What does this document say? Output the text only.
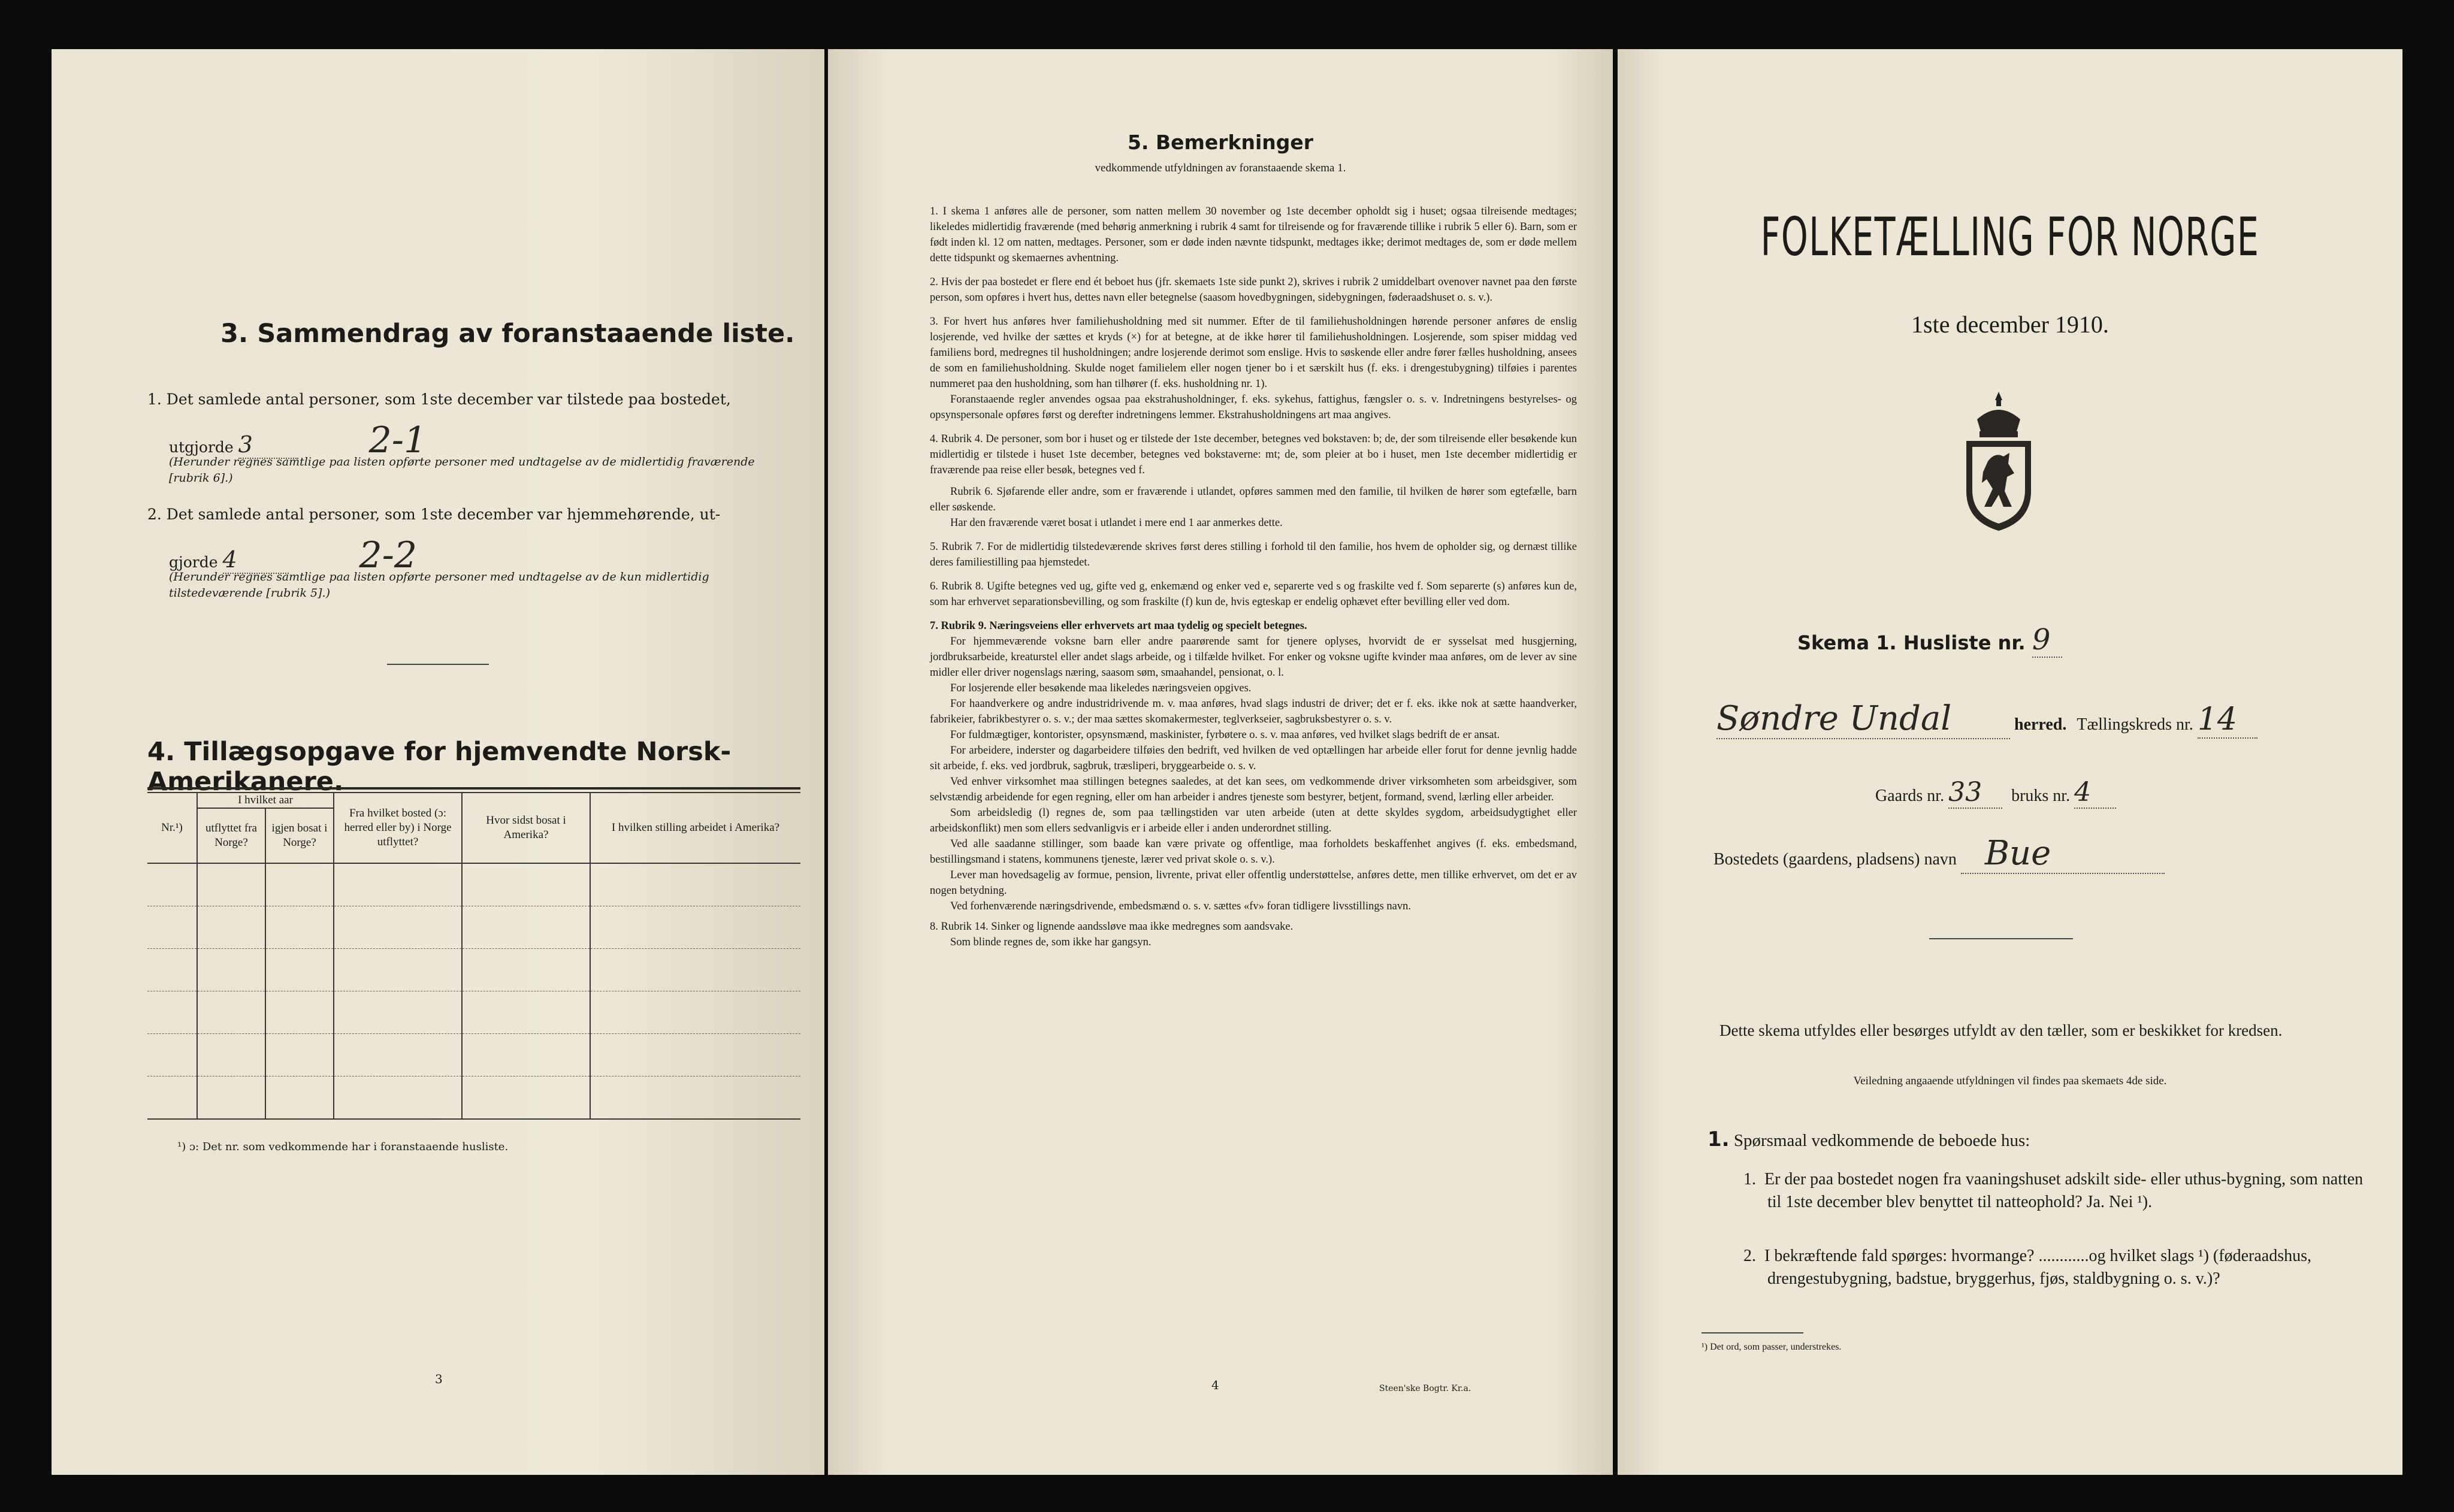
3. Sammendrag av foranstaaende liste.
1. Det samlede antal personer, som 1ste december var tilstede paa bostedet,
utgjorde 3	2-1
(Herunder regnes samtlige paa listen opførte personer med undtagelse av de midlertidig fraværende [rubrik 6].)
2. Det samlede antal personer, som 1ste december var hjemmehørende, ut-
gjorde 4	2-2
(Herunder regnes samtlige paa listen opførte personer med undtagelse av de kun midlertidig tilstedeværende [rubrik 5].)
4. Tillægsopgave for hjemvendte Norsk-Amerikanere.
Nr.¹)	I hvilket aar		Fra hvilket bosted (ɔ: herred eller by) i Norge utflyttet?	Hvor sidst bosat i Amerika?	I hvilken stilling arbeidet i Amerika?
	utflyttet fra Norge?	igjen bosat i Norge?			

¹) ɔ: Det nr. som vedkommende har i foranstaaende husliste.
3
5. Bemerkninger
vedkommende utfyldningen av foranstaaende skema 1.

1. I skema 1 anføres alle de personer, som natten mellem 30 november og 1ste december opholdt sig i huset; ogsaa tilreisende medtages; likeledes midlertidig fraværende (med behørig anmerkning i rubrik 4 samt for tilreisende og for fraværende tillike i rubrik 5 eller 6). Barn, som er født inden kl. 12 om natten, medtages. Personer, som er døde inden nævnte tidspunkt, medtages ikke; derimot medtages de, som er døde mellem dette tidspunkt og skemaernes avhentning.

2. Hvis der paa bostedet er flere end ét beboet hus (jfr. skemaets 1ste side punkt 2), skrives i rubrik 2 umiddelbart ovenover navnet paa den første person, som opføres i hvert hus, dettes navn eller betegnelse (saasom hovedbygningen, sidebygningen, føderaadshuset o. s. v.).

3. For hvert hus anføres hver familiehusholdning med sit nummer. Efter de til familiehusholdningen hørende personer anføres de enslig losjerende, ved hvilke der sættes et kryds (×) for at betegne, at de ikke hører til familiehusholdningen. Losjerende, som spiser middag ved familiens bord, medregnes til husholdningen; andre losjerende derimot som enslige. Hvis to søskende eller andre fører fælles husholdning, ansees de som en familiehusholdning. Skulde noget familielem eller nogen tjener bo i et særskilt hus (f. eks. i drengestubygning) tilføies i parentes nummeret paa den husholdning, som han tilhører (f. eks. husholdning nr. 1).

Foranstaaende regler anvendes ogsaa paa ekstrahusholdninger, f. eks. sykehus, fattighus, fængsler o. s. v. Indretningens bestyrelses- og opsynspersonale opføres først og derefter indretningens lemmer. Ekstrahusholdningens art maa angives.

4. Rubrik 4. De personer, som bor i huset og er tilstede der 1ste december, betegnes ved bokstaven: b; de, der som tilreisende eller besøkende kun midlertidig er tilstede i huset 1ste december, betegnes ved bokstaverne: mt; de, som pleier at bo i huset, men 1ste december midlertidig er fraværende paa reise eller besøk, betegnes ved f.

Rubrik 6. Sjøfarende eller andre, som er fraværende i utlandet, opføres sammen med den familie, til hvilken de hører som egtefælle, barn eller søskende.

Har den fraværende været bosat i utlandet i mere end 1 aar anmerkes dette.

5. Rubrik 7. For de midlertidig tilstedeværende skrives først deres stilling i forhold til den familie, hos hvem de opholder sig, og dernæst tillike deres familiestilling paa hjemstedet.

6. Rubrik 8. Ugifte betegnes ved ug, gifte ved g, enkemænd og enker ved e, separerte ved s og fraskilte ved f. Som separerte (s) anføres kun de, som har erhvervet separationsbevilling, og som fraskilte (f) kun de, hvis egteskap er endelig ophævet efter bevilling eller ved dom.

7. Rubrik 9. Næringsveiens eller erhvervets art maa tydelig og specielt betegnes.

For hjemmeværende voksne barn eller andre paarørende samt for tjenere oplyses, hvorvidt de er sysselsat med husgjerning, jordbruksarbeide, kreaturstel eller andet slags arbeide, og i tilfælde hvilket. For enker og voksne ugifte kvinder maa anføres, om de lever av sine midler eller driver nogenslags næring, saasom søm, smaahandel, pensionat, o. l.

For losjerende eller besøkende maa likeledes næringsveien opgives.

For haandverkere og andre industridrivende m. v. maa anføres, hvad slags industri de driver; det er f. eks. ikke nok at sætte haandverker, fabrikeier, fabrikbestyrer o. s. v.; der maa sættes skomakermester, teglverkseier, sagbruksbestyrer o. s. v.

For fuldmægtiger, kontorister, opsynsmænd, maskinister, fyrbøtere o. s. v. maa anføres, ved hvilket slags bedrift de er ansat.

For arbeidere, inderster og dagarbeidere tilføies den bedrift, ved hvilken de ved optællingen har arbeide eller forut for denne jevnlig hadde sit arbeide, f. eks. ved jordbruk, sagbruk, træsliperi, bryggearbeide o. s. v.

Ved enhver virksomhet maa stillingen betegnes saaledes, at det kan sees, om vedkommende driver virksomheten som arbeidsgiver, som selvstændig arbeidende for egen regning, eller om han arbeider i andres tjeneste som bestyrer, betjent, formand, svend, lærling eller arbeider.

Som arbeidsledig (l) regnes de, som paa tællingstiden var uten arbeide (uten at dette skyldes sygdom, arbeidsudygtighet eller arbeidskonflikt) men som ellers sedvanligvis er i arbeide eller i anden underordnet stilling.

Ved alle saadanne stillinger, som baade kan være private og offentlige, maa forholdets beskaffenhet angives (f. eks. embedsmand, bestillingsmand i statens, kommunens tjeneste, lærer ved privat skole o. s. v.).

Lever man hovedsagelig av formue, pension, livrente, privat eller offentlig understøttelse, anføres dette, men tillike erhvervet, om det er av nogen betydning.

Ved forhenværende næringsdrivende, embedsmænd o. s. v. sættes «fv» foran tidligere livsstillings navn.

8. Rubrik 14. Sinker og lignende aandssløve maa ikke medregnes som aandsvake.

Som blinde regnes de, som ikke har gangsyn.

4	Steen'ske Bogtr. Kr.a.
FOLKETÆLLING FOR NORGE
1ste december 1910.
Skema 1. Husliste nr. 9
Søndre Undal	herred. Tællingskreds nr. 14
Gaards nr. 33 bruks nr. 4
Bostedets (gaardens, pladsens) navn Bue
Dette skema utfyldes eller besørges utfyldt av den tæller, som er beskikket for kredsen.
Veiledning angaaende utfyldningen vil findes paa skemaets 4de side.
1. Spørsmaal vedkommende de beboede hus:
1.  Er der paa bostedet nogen fra vaaningshuset adskilt side- eller uthus-bygning, som natten til 1ste december blev benyttet til natteophold? Ja. Nei ¹).
2.  I bekræftende fald spørges: hvormange? ............og hvilket slags ¹) (føderaadshus, drengestubygning, badstue, bryggerhus, fjøs, staldbygning o. s. v.)?
¹) Det ord, som passer, understrekes.
